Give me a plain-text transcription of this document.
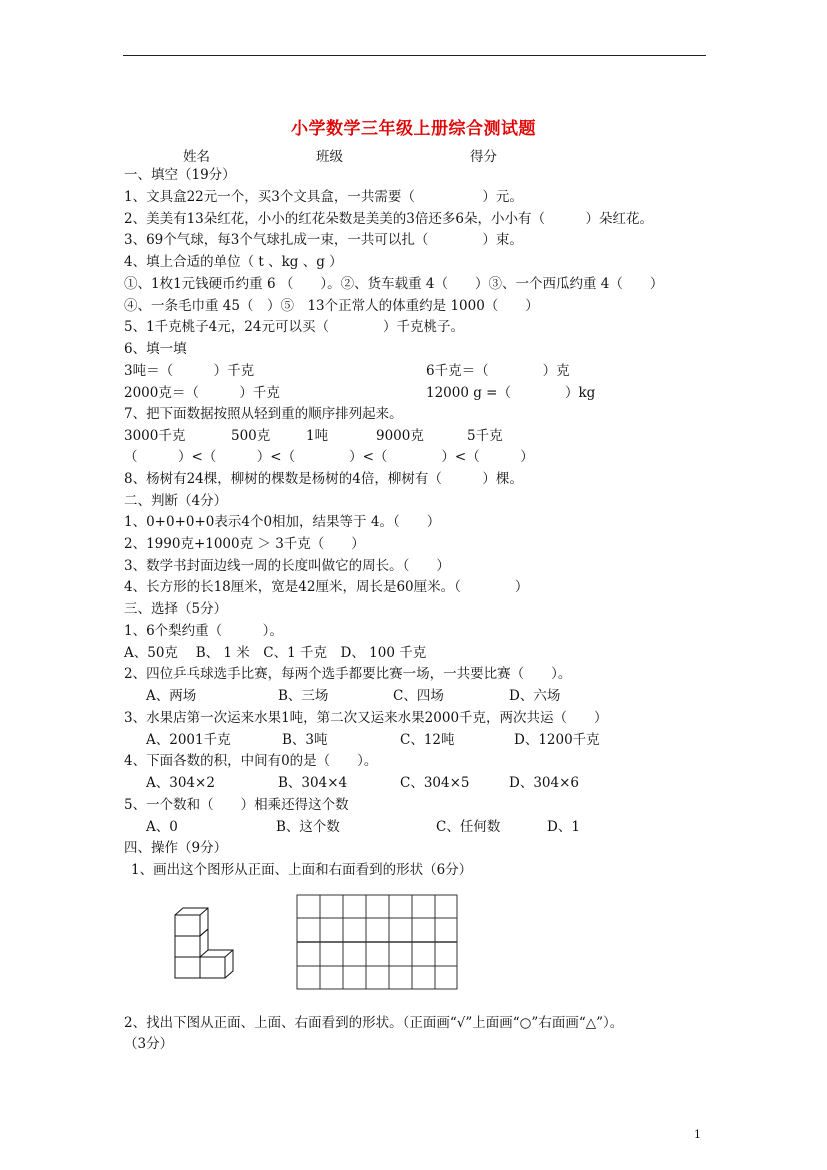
小学数学三年级上册综合测试题
姓名	班级	得分
一、填空（19分）
1、文具盒22元一个，买3个文具盒，一共需要（　　　　　）元。
2、美美有13朵红花，小小的红花朵数是美美的3倍还多6朵，小小有（　　　）朵红花。
3、69个气球，每3个气球扎成一束，一共可以扎（　　　　）束。
4、填上合适的单位（ t 、kg 、g ）
①、1枚1元钱硬币约重 6 （　　）。②、货车载重 4（　　）③、一个西瓜约重 4（　　）
④、一条毛巾重 45（　）⑤　13个正常人的体重约是 1000（　　）
5、1千克桃子4元，24元可以买（　　　　）千克桃子。
6、填一填
3吨＝（　　　）千克	6千克＝（　　　　）克
2000克＝（　　　）千克	12000 g =（　　　　）kg
7、把下面数据按照从轻到重的顺序排列起来。
3000千克	500克	1吨	9000克	5千克
（　　　）<（　　　）<（　　　　）<（　　　　）<（　　　）
8、杨树有24棵，柳树的棵数是杨树的4倍，柳树有（　　　）棵。
二、判断（4分）
1、0+0+0+0表示4个0相加，结果等于 4。（　　）
2、1990克+1000克 ＞ 3千克（　　）
3、数学书封面边线一周的长度叫做它的周长。（　　）
4、长方形的长18厘米，宽是42厘米，周长是60厘米。（　　　　）
三、选择（5分）
1、6个梨约重（　　　）。
A、50克　 B、 1 米　C、1 千克　D、 100 千克
2、四位乒乓球选手比赛，每两个选手都要比赛一场，一共要比赛（　　）。
A、两场	B、三场	C、四场	D、六场
3、水果店第一次运来水果1吨，第二次又运来水果2000千克，两次共运（　　）
A、2001千克	B、3吨	C、12吨	D、1200千克
4、下面各数的积，中间有0的是（　　）。
A、304×2	B、304×4	C、304×5	D、304×6
5、一个数和（　　）相乘还得这个数
A、0	B、这个数	C、任何数	D、1
四、操作（9分）
1、画出这个图形从正面、上面和右面看到的形状（6分）
2、找出下图从正面、上面、右面看到的形状。（正面画“√”上面画“○”右面画“△”）。
（3分）
1
